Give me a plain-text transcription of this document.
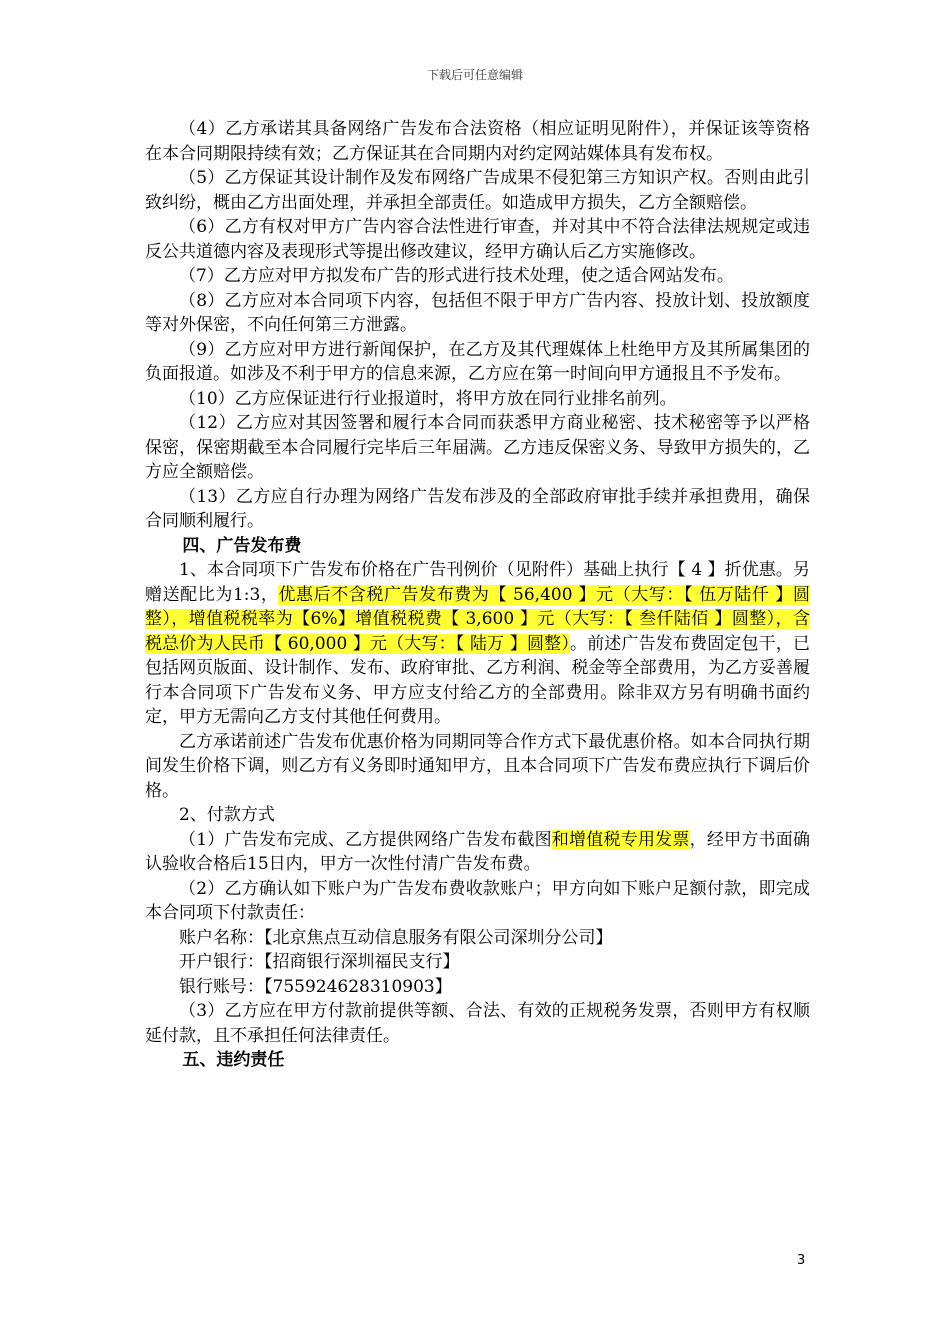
下载后可任意编辑

（4）乙方承诺其具备网络广告发布合法资格（相应证明见附件），并保证该等资格在本合同期限持续有效；乙方保证其在合同期内对约定网站媒体具有发布权。

（5）乙方保证其设计制作及发布网络广告成果不侵犯第三方知识产权。否则由此引致纠纷，概由乙方出面处理，并承担全部责任。如造成甲方损失，乙方全额赔偿。

（6）乙方有权对甲方广告内容合法性进行审查，并对其中不符合法律法规规定或违反公共道德内容及表现形式等提出修改建议，经甲方确认后乙方实施修改。

（7）乙方应对甲方拟发布广告的形式进行技术处理，使之适合网站发布。

（8）乙方应对本合同项下内容，包括但不限于甲方广告内容、投放计划、投放额度等对外保密，不向任何第三方泄露。

（9）乙方应对甲方进行新闻保护，在乙方及其代理媒体上杜绝甲方及其所属集团的负面报道。如涉及不利于甲方的信息来源，乙方应在第一时间向甲方通报且不予发布。

（10）乙方应保证进行行业报道时，将甲方放在同行业排名前列。

（12）乙方应对其因签署和履行本合同而获悉甲方商业秘密、技术秘密等予以严格保密，保密期截至本合同履行完毕后三年届满。乙方违反保密义务、导致甲方损失的，乙方应全额赔偿。

（13）乙方应自行办理为网络广告发布涉及的全部政府审批手续并承担费用，确保合同顺利履行。

四、广告发布费

1、本合同项下广告发布价格在广告刊例价（见附件）基础上执行【 4 】折优惠。另赠送配比为1:3，优惠后不含税广告发布费为【 56,400 】元（大写：【 伍万陆仟 】圆整），增值税税率为【6%】增值税税费【 3,600 】元（大写：【 叁仟陆佰 】圆整），含税总价为人民币【 60,000 】元（大写：【 陆万 】圆整）。前述广告发布费固定包干，已包括网页版面、设计制作、发布、政府审批、乙方利润、税金等全部费用，为乙方妥善履行本合同项下广告发布义务、甲方应支付给乙方的全部费用。除非双方另有明确书面约定，甲方无需向乙方支付其他任何费用。

乙方承诺前述广告发布优惠价格为同期同等合作方式下最优惠价格。如本合同执行期间发生价格下调，则乙方有义务即时通知甲方，且本合同项下广告发布费应执行下调后价格。

2、付款方式

（1）广告发布完成、乙方提供网络广告发布截图和增值税专用发票，经甲方书面确认验收合格后15日内，甲方一次性付清广告发布费。

（2）乙方确认如下账户为广告发布费收款账户；甲方向如下账户足额付款，即完成本合同项下付款责任：

账户名称：【北京焦点互动信息服务有限公司深圳分公司】

开户银行：【招商银行深圳福民支行】

银行账号：【755924628310903】

（3）乙方应在甲方付款前提供等额、合法、有效的正规税务发票，否则甲方有权顺延付款，且不承担任何法律责任。

五、违约责任

3
